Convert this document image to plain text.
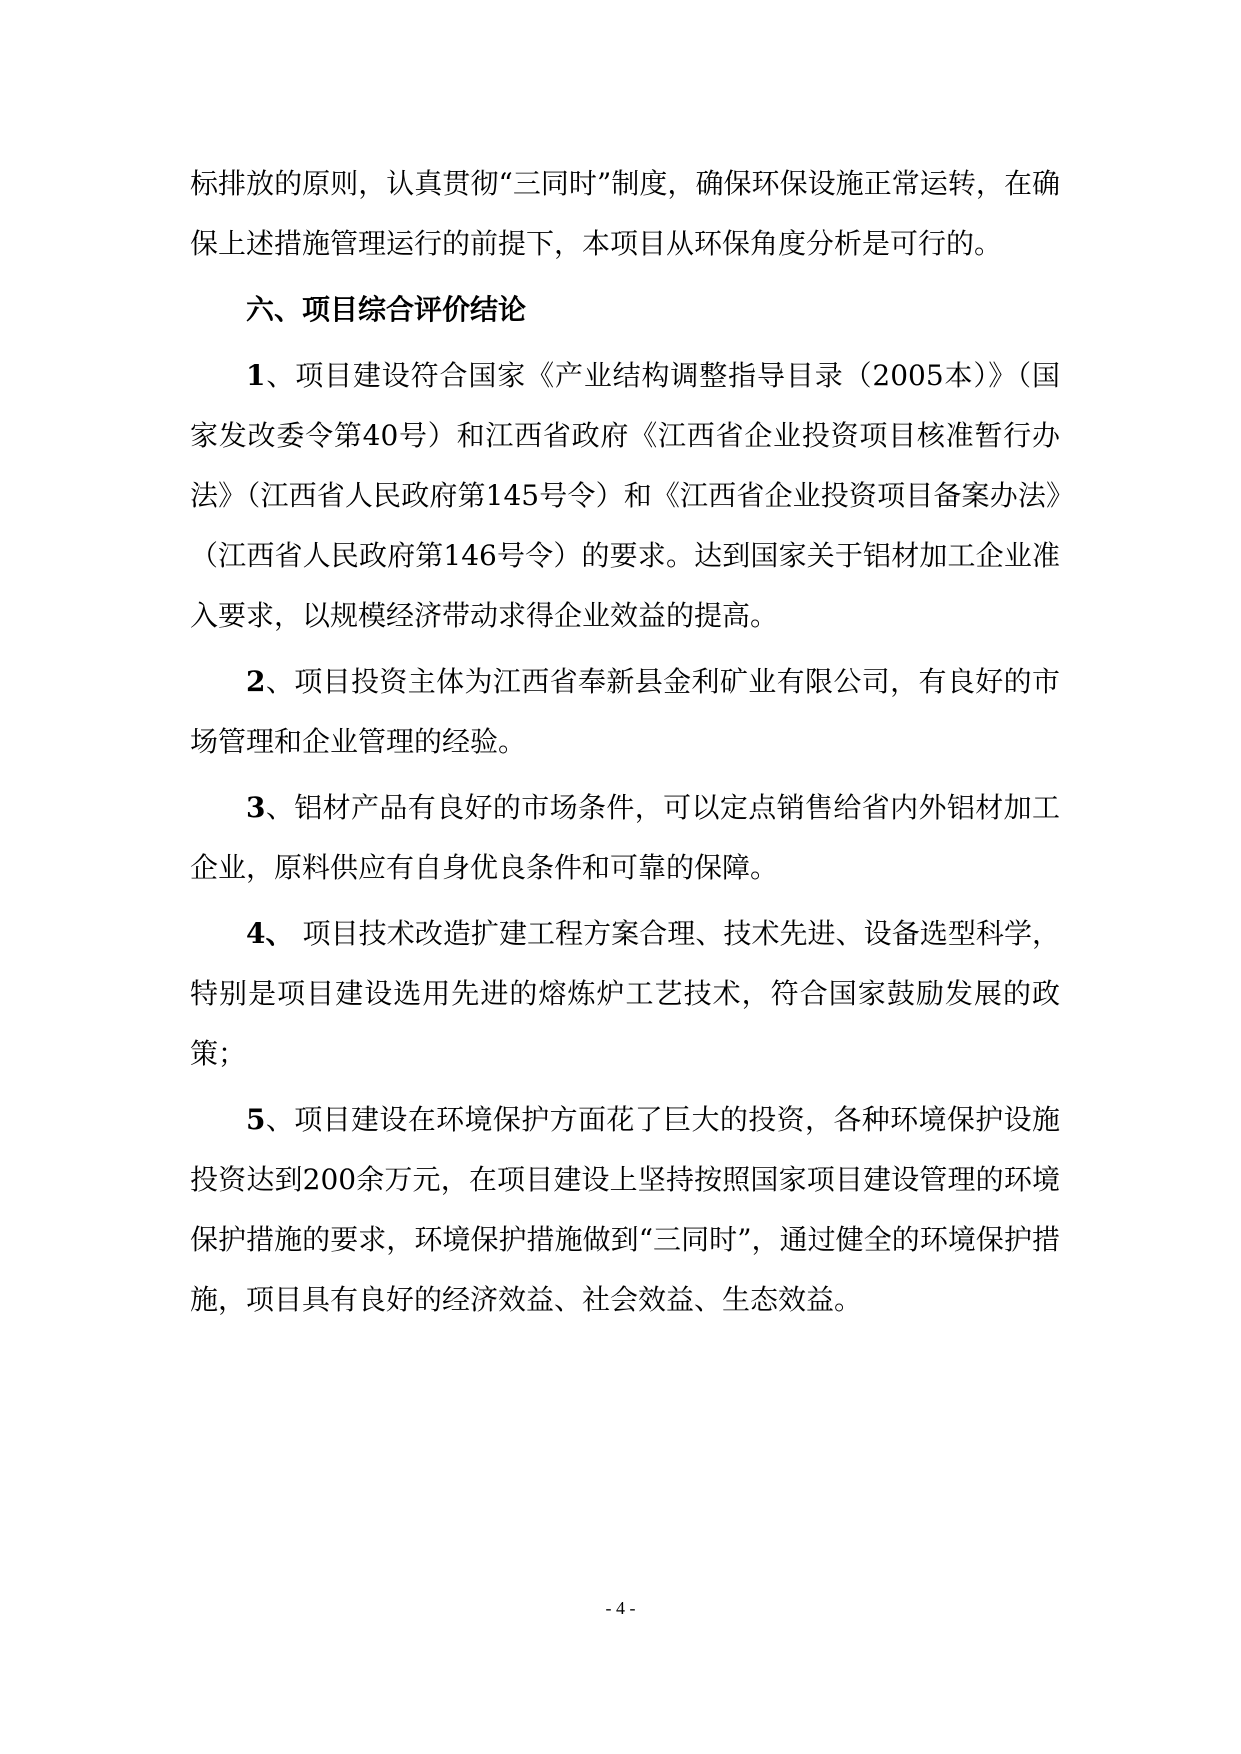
标排放的原则，认真贯彻“三同时”制度，确保环保设施正常运转，在确保上述措施管理运行的前提下，本项目从环保角度分析是可行的。

六、项目综合评价结论

1、项目建设符合国家《产业结构调整指导目录（2005本）》（国家发改委令第40号）和江西省政府《江西省企业投资项目核准暂行办法》（江西省人民政府第145号令）和《江西省企业投资项目备案办法》（江西省人民政府第146号令）的要求。达到国家关于铝材加工企业准入要求，以规模经济带动求得企业效益的提高。

2、项目投资主体为江西省奉新县金利矿业有限公司，有良好的市场管理和企业管理的经验。

3、铝材产品有良好的市场条件，可以定点销售给省内外铝材加工企业，原料供应有自身优良条件和可靠的保障。

4、 项目技术改造扩建工程方案合理、技术先进、设备选型科学，特别是项目建设选用先进的熔炼炉工艺技术，符合国家鼓励发展的政策；

5、项目建设在环境保护方面花了巨大的投资，各种环境保护设施投资达到200余万元，在项目建设上坚持按照国家项目建设管理的环境保护措施的要求，环境保护措施做到“三同时”，通过健全的环境保护措施，项目具有良好的经济效益、社会效益、生态效益。

- 4 -
